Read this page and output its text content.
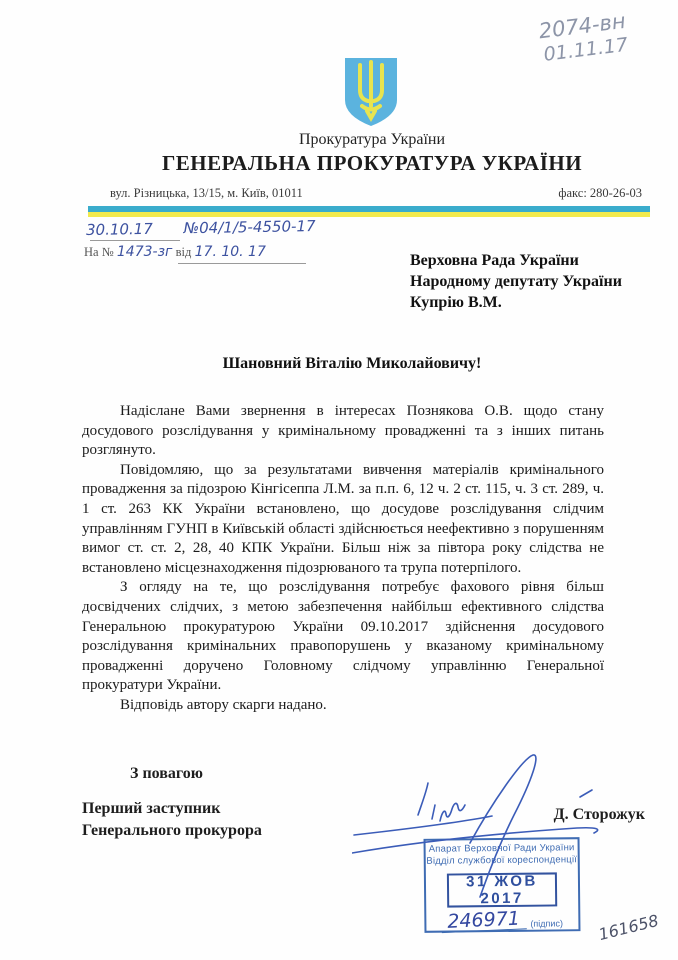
Прокуратура України
ГЕНЕРАЛЬНА ПРОКУРАТУРА УКРАЇНИ
вул. Різницька, 13/15, м. Київ, 01011	факс: 280-26-03
30.10.17 №04/1/5-4550-17
На № 1473-зг від 17. 10. 17
2074-вн
01.11.17
Верховна Рада України
Народному депутату України
Купрію В.М.
Шановний Віталію Миколайовичу!

Надіслане Вами звернення в інтересах Познякова О.В. щодо стану досудового розслідування у кримінальному провадженні та з інших питань розглянуто.

Повідомляю, що за результатами вивчення матеріалів кримінального провадження за підозрою Кінгісеппа Л.М. за п.п. 6, 12 ч. 2 ст. 115, ч. 3 ст. 289, ч. 1 ст. 263 КК України встановлено, що досудове розслідування слідчим управлінням ГУНП в Київській області здійснюється неефективно з порушенням вимог ст. ст. 2, 28, 40 КПК України. Більш ніж за півтора року слідства не встановлено місцезнаходження підозрюваного та трупа потерпілого.

З огляду на те, що розслідування потребує фахового рівня більш досвідчених слідчих, з метою забезпечення найбільш ефективного слідства Генеральною прокуратурою України 09.10.2017 здійснення досудового розслідування кримінальних правопорушень у вказаному кримінальному провадженні доручено Головному слідчому управлінню Генеральної прокуратури України.

Відповідь автору скарги надано.

З повагою
Перший заступник
Генерального прокурора
Д. Сторожук
Апарат Верховної Ради України
Відділ службової кореспонденції
31 ЖОВ 2017
246971	(підпис) 161658
